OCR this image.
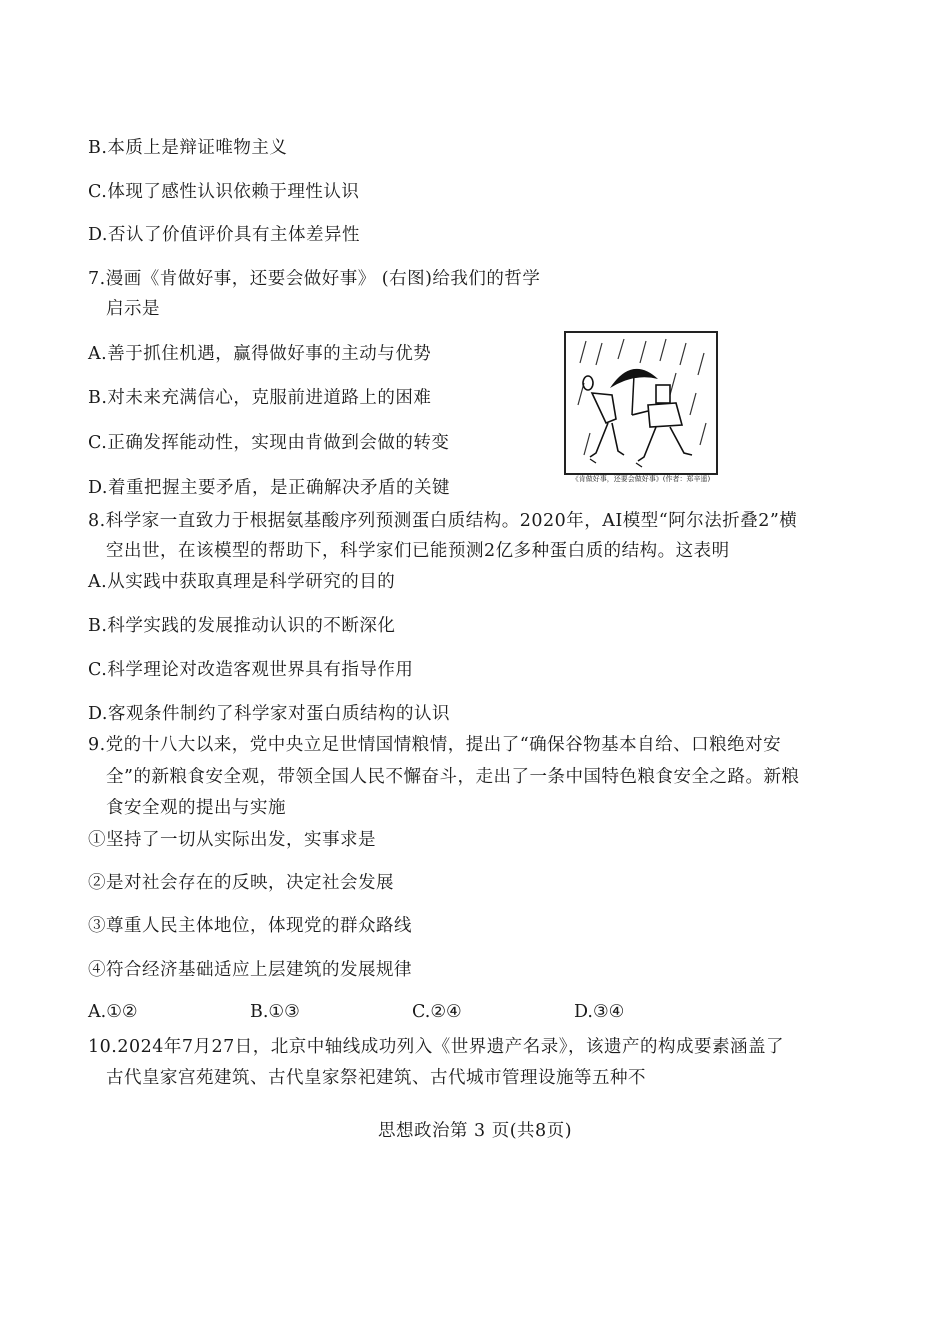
B.本质上是辩证唯物主义
C.体现了感性认识依赖于理性认识
D.否认了价值评价具有主体差异性
7.漫画《肯做好事，还要会做好事》 (右图)给我们的哲学
启示是
A.善于抓住机遇，赢得做好事的主动与优势
B.对未来充满信心，克服前进道路上的困难
C.正确发挥能动性，实现由肯做到会做的转变
D.着重把握主要矛盾，是正确解决矛盾的关键	《肯做好事，还要会做好事》(作者：郑辛遥)
8.科学家一直致力于根据氨基酸序列预测蛋白质结构。2020年，AI模型“阿尔法折叠2”横
空出世，在该模型的帮助下，科学家们已能预测2亿多种蛋白质的结构。这表明
A.从实践中获取真理是科学研究的目的
B.科学实践的发展推动认识的不断深化
C.科学理论对改造客观世界具有指导作用
D.客观条件制约了科学家对蛋白质结构的认识
9.党的十八大以来，党中央立足世情国情粮情，提出了“确保谷物基本自给、口粮绝对安
全”的新粮食安全观，带领全国人民不懈奋斗，走出了一条中国特色粮食安全之路。新粮
食安全观的提出与实施
①坚持了一切从实际出发，实事求是
②是对社会存在的反映，决定社会发展
③尊重人民主体地位，体现党的群众路线
④符合经济基础适应上层建筑的发展规律
A.①②	B.①③	C.②④	D.③④
10.2024年7月27日，北京中轴线成功列入《世界遗产名录》，该遗产的构成要素涵盖了
古代皇家宫苑建筑、古代皇家祭祀建筑、古代城市管理设施等五种不
思想政治第 3 页(共8页)
